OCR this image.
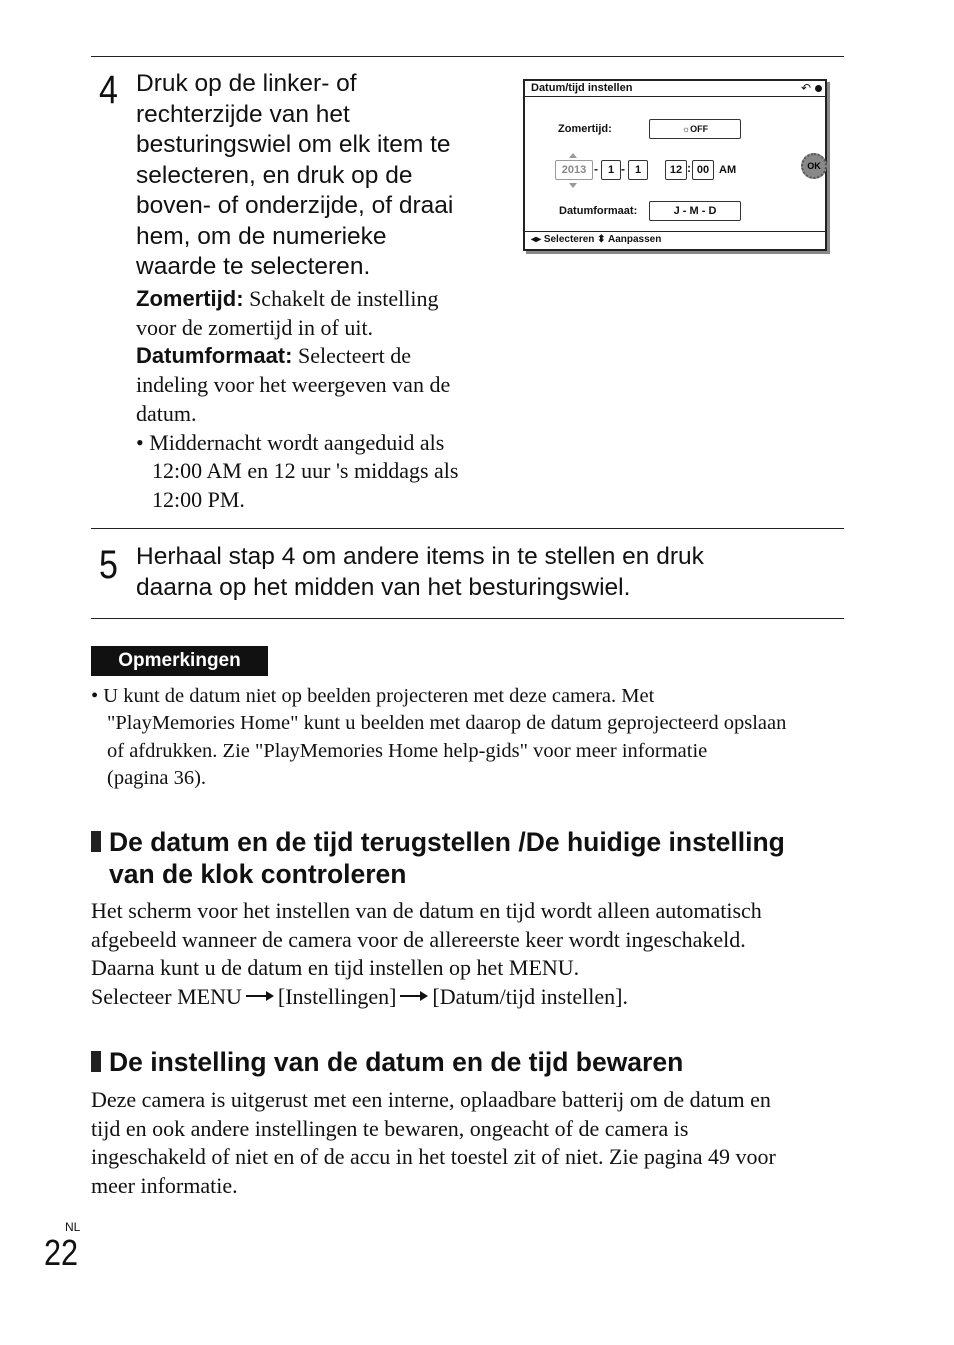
4 Druk op de linker- of
rechterzijde van het
besturingswiel om elk item te
selecteren, en druk op de
boven- of onderzijde, of draai
hem, om de numerieke
waarde te selecteren.
Zomertijd: Schakelt de instelling
voor de zomertijd in of uit.
Datumformaat: Selecteert de
indeling voor het weergeven van de
datum.
• Middernacht wordt aangeduid als
12:00 AM en 12 uur 's middags als
12:00 PM.
Datum/tijd instellen	↶
Zomertijd:	☼OFF
2013 - 1 - 1	12 : 00 AM	OK
Datumformaat:	J - M - D
◂▸ Selecteren ⬍ Aanpassen
5 Herhaal stap 4 om andere items in te stellen en druk
daarna op het midden van het besturingswiel.
Opmerkingen
• U kunt de datum niet op beelden projecteren met deze camera. Met
"PlayMemories Home" kunt u beelden met daarop de datum geprojecteerd opslaan
of afdrukken. Zie "PlayMemories Home help-gids" voor meer informatie
(pagina 36).
De datum en de tijd terugstellen /De huidige instelling
van de klok controleren
Het scherm voor het instellen van de datum en tijd wordt alleen automatisch
afgebeeld wanneer de camera voor de allereerste keer wordt ingeschakeld.
Daarna kunt u de datum en tijd instellen op het MENU.
Selecteer MENU [Instellingen] [Datum/tijd instellen].
De instelling van de datum en de tijd bewaren
Deze camera is uitgerust met een interne, oplaadbare batterij om de datum en
tijd en ook andere instellingen te bewaren, ongeacht of de camera is
ingeschakeld of niet en of de accu in het toestel zit of niet. Zie pagina 49 voor
meer informatie.
NL
22
